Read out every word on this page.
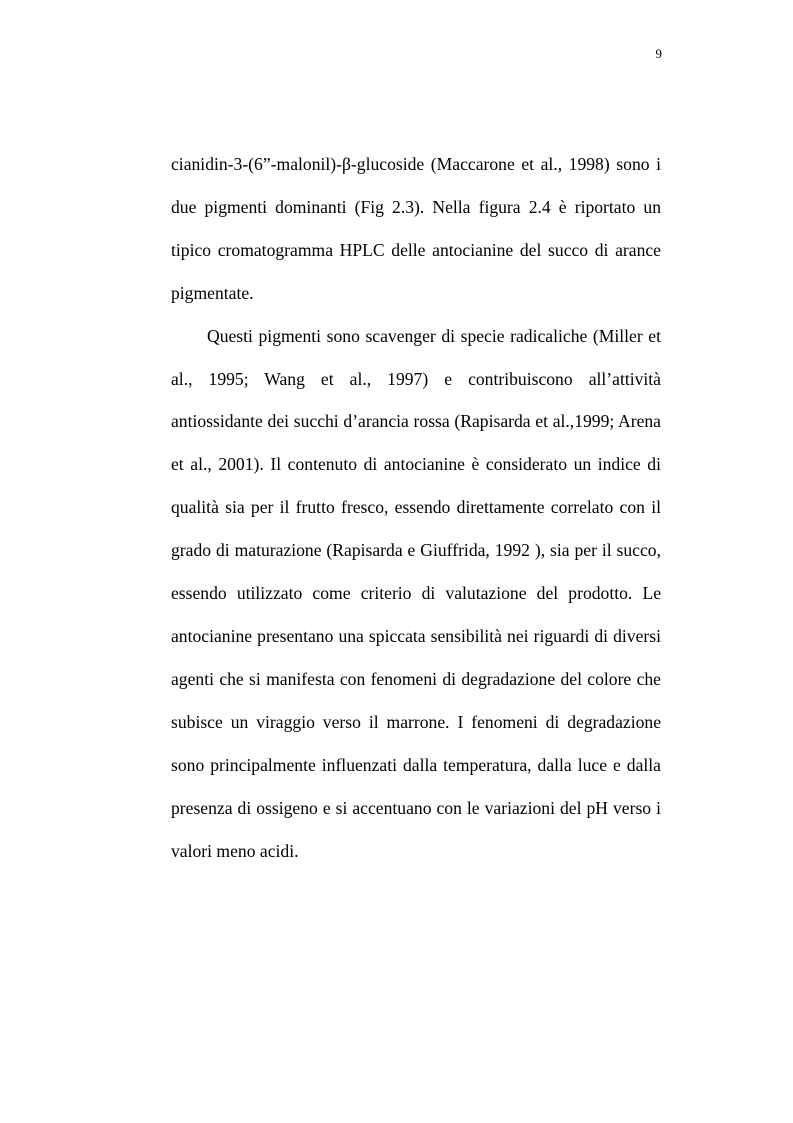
9

cianidin-3-(6”-malonil)-β-glucoside (Maccarone et al., 1998) sono i due pigmenti dominanti (Fig 2.3). Nella figura 2.4 è riportato un tipico cromatogramma HPLC delle antocianine del succo di arance pigmentate.

Questi pigmenti sono scavenger di specie radicaliche (Miller et al., 1995; Wang et al., 1997) e contribuiscono all’attività antiossidante dei succhi d’arancia rossa (Rapisarda et al.,1999; Arena et al., 2001). Il contenuto di antocianine è considerato un indice di qualità sia per il frutto fresco, essendo direttamente correlato con il grado di maturazione (Rapisarda e Giuffrida, 1992 ), sia per il succo, essendo utilizzato come criterio di valutazione del prodotto. Le antocianine presentano una spiccata sensibilità nei riguardi di diversi agenti che si manifesta con fenomeni di degradazione del colore che subisce un viraggio verso il marrone. I fenomeni di degradazione sono principalmente influenzati dalla temperatura, dalla luce e dalla presenza di ossigeno e si accentuano con le variazioni del pH verso i valori meno acidi.
